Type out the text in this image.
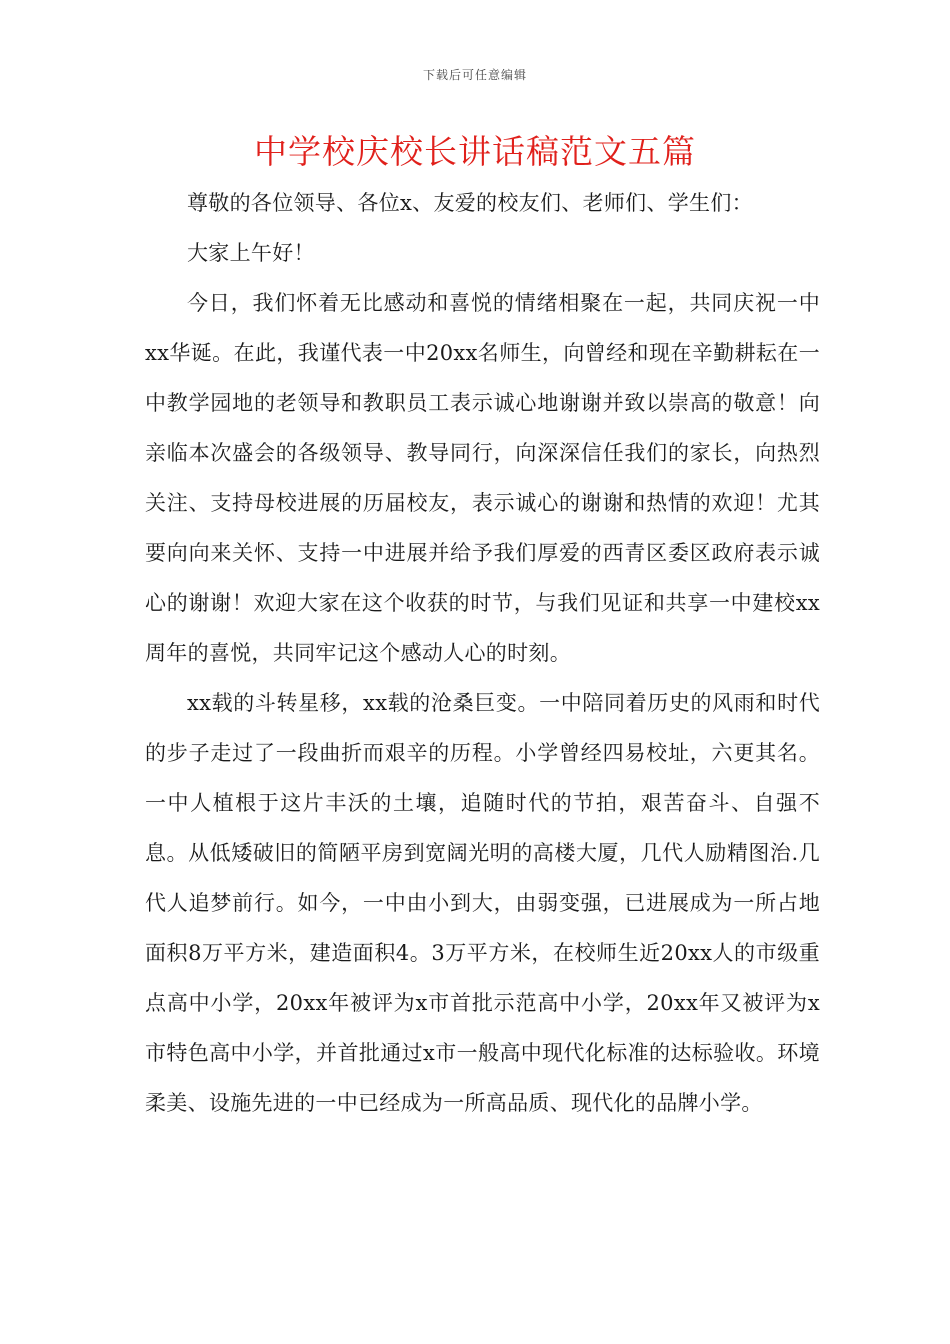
下载后可任意编辑
中学校庆校长讲话稿范文五篇

尊敬的各位领导、各位x、友爱的校友们、老师们、学生们：

大家上午好！

今日，我们怀着无比感动和喜悦的情绪相聚在一起，共同庆祝一中xx华诞。在此，我谨代表一中20xx名师生，向曾经和现在辛勤耕耘在一中教学园地的老领导和教职员工表示诚心地谢谢并致以崇高的敬意！向亲临本次盛会的各级领导、教导同行，向深深信任我们的家长，向热烈关注、支持母校进展的历届校友，表示诚心的谢谢和热情的欢迎！尤其要向向来关怀、支持一中进展并给予我们厚爱的西青区委区政府表示诚心的谢谢！欢迎大家在这个收获的时节，与我们见证和共享一中建校xx周年的喜悦，共同牢记这个感动人心的时刻。

xx载的斗转星移，xx载的沧桑巨变。一中陪同着历史的风雨和时代的步子走过了一段曲折而艰辛的历程。小学曾经四易校址，六更其名。一中人植根于这片丰沃的土壤，追随时代的节拍，艰苦奋斗、自强不息。从低矮破旧的简陋平房到宽阔光明的高楼大厦，几代人励精图治.几代人追梦前行。如今，一中由小到大，由弱变强，已进展成为一所占地面积8万平方米，建造面积4。3万平方米，在校师生近20xx人的市级重点高中小学，20xx年被评为x市首批示范高中小学，20xx年又被评为x市特色高中小学，并首批通过x市一般高中现代化标准的达标验收。环境柔美、设施先进的一中已经成为一所高品质、现代化的品牌小学。
